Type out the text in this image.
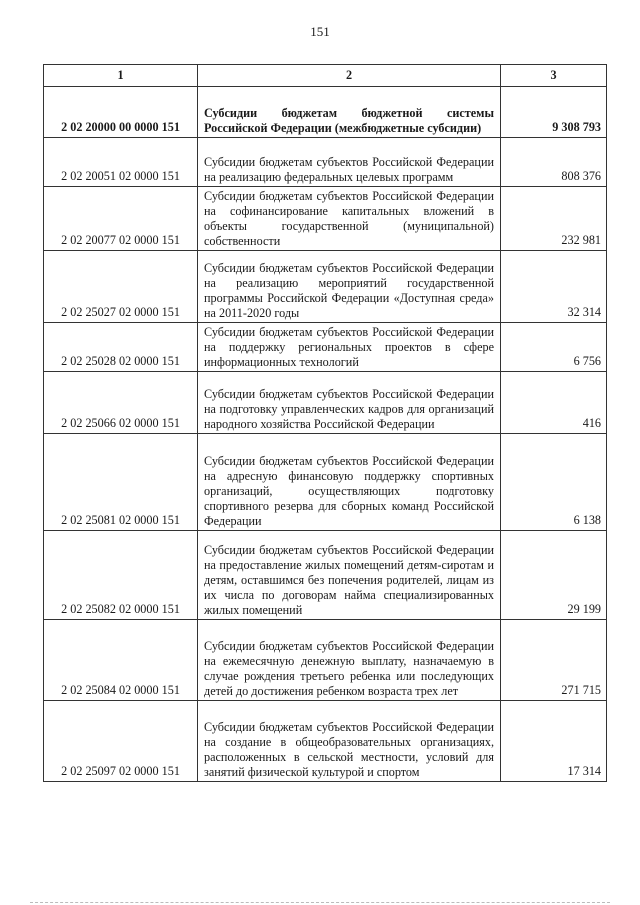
151
1	2	3
2 02 20000 00 0000 151	Субсидии бюджетам бюджетной системы Российской Федерации (межбюджетные субсидии)	9 308 793
2 02 20051 02 0000 151	Субсидии бюджетам субъектов Российской Федерации на реализацию федеральных целевых программ	808 376
2 02 20077 02 0000 151	Субсидии бюджетам субъектов Российской Федерации на софинансирование капитальных вложений в объекты государственной (муниципальной) собственности	232 981
2 02 25027 02 0000 151	Субсидии бюджетам субъектов Российской Федерации на реализацию мероприятий государственной программы Российской Федерации «Доступная среда» на 2011-2020 годы	32 314
2 02 25028 02 0000 151	Субсидии бюджетам субъектов Российской Федерации на поддержку региональных проектов в сфере информационных технологий	6 756
2 02 25066 02 0000 151	Субсидии бюджетам субъектов Российской Федерации на подготовку управленческих кадров для организаций народного хозяйства Российской Федерации	416
2 02 25081 02 0000 151	Субсидии бюджетам субъектов Российской Федерации на адресную финансовую поддержку спортивных организаций, осуществляющих подготовку спортивного резерва для сборных команд Российской Федерации	6 138
2 02 25082 02 0000 151	Субсидии бюджетам субъектов Российской Федерации на предоставление жилых помещений детям-сиротам и детям, оставшимся без попечения родителей, лицам из их числа по договорам найма специализированных жилых помещений	29 199
2 02 25084 02 0000 151	Субсидии бюджетам субъектов Российской Федерации на ежемесячную денежную выплату, назначаемую в случае рождения третьего ребенка или последующих детей до достижения ребенком возраста трех лет	271 715
2 02 25097 02 0000 151	Субсидии бюджетам субъектов Российской Федерации на создание в общеобразовательных организациях, расположенных в сельской местности, условий для занятий физической культурой и спортом	17 314
